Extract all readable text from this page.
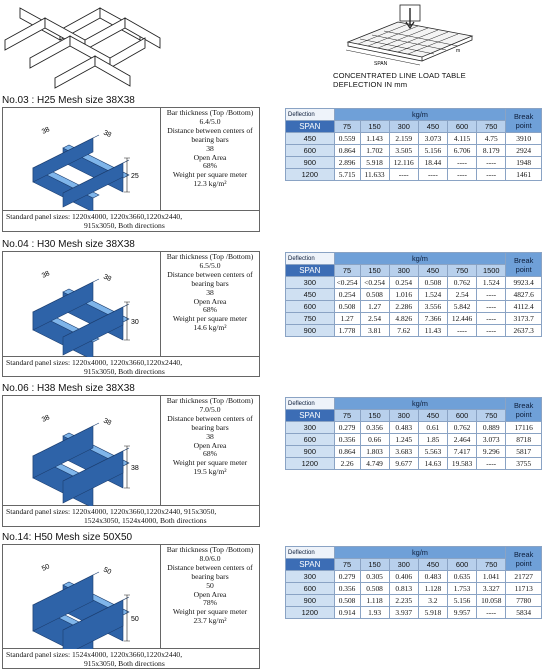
SPAN
m
CONCENTRATED LINE LOAD TABLE
DEFLECTION IN mm
No.03 : H25 Mesh size 38X38
38	38
25
Bar thickness (Top /Bottom)
6.4/5.0
Distance between centers of
bearing bars
38
Open Area
68%
Weight per square meter
12.3 kg/m²
Standard panel sizes: 1220x4000, 1220x3660,1220x2440,
915x3050, Both directions
Deflection	kg/m						Break
point

SPAN	75	150	300	450	600	750	
450	0.559	1.143	2.159	3.073	4.115	4.75	3910
600	0.864	1.702	3.505	5.156	6.706	8.179	2924
900	2.896	5.918	12.116	18.44	----	----	1948
1200	5.715	11.633	----	----	----	----	1461
No.04 : H30 Mesh size 38X38
38	38
30
Bar thickness (Top /Bottom)
6.5/5.0
Distance between centers of
bearing bars
38
Open Area
68%
Weight per square meter
14.6 kg/m²
Standard panel sizes: 1220x4000, 1220x3660,1220x2440,
915x3050, Both directions
Deflection	kg/m						Break
point

SPAN	75	150	300	450	750	1500	
300	<0.254	<0.254	0.254	0.508	0.762	1.524	9923.4
450	0.254	0.508	1.016	1.524	2.54	----	4827.6
600	0.508	1.27	2.286	3.556	5.842	----	4112.4
750	1.27	2.54	4.826	7.366	12.446	----	3173.7
900	1.778	3.81	7.62	11.43	----	----	2637.3
No.06 : H38 Mesh size 38X38
38	38
38
Bar thickness (Top /Bottom)
7.0/5.0
Distance between centers of
bearing bars
38
Open Area
68%
Weight per square meter
19.5 kg/m²
Standard panel sizes: 1220x4000, 1220x3660,1220x2440, 915x3050,
1524x3050, 1524x4000, Both directions
Deflection	kg/m						Break
point

SPAN	75	150	300	450	600	750	
300	0.279	0.356	0.483	0.61	0.762	0.889	17116
600	0.356	0.66	1.245	1.85	2.464	3.073	8718
900	0.864	1.803	3.683	5.563	7.417	9.296	5817
1200	2.26	4.749	9.677	14.63	19.583	----	3755
No.14: H50 Mesh size 50X50
50	50
50
Bar thickness (Top /Bottom)
8.0/6.0
Distance between centers of
bearing bars
50
Open Area
78%
Weight per square meter
23.7 kg/m²
Standard panel sizes: 1524x4000, 1220x3660,1220x2440,
915x3050, Both directions
Deflection	kg/m						Break
point

SPAN	75	150	300	450	600	750	
300	0.279	0.305	0.406	0.483	0.635	1.041	21727
600	0.356	0.508	0.813	1.128	1.753	3.327	11713
900	0.508	1.118	2.235	3.2	5.156	10.058	7780
1200	0.914	1.93	3.937	5.918	9.957	----	5834
